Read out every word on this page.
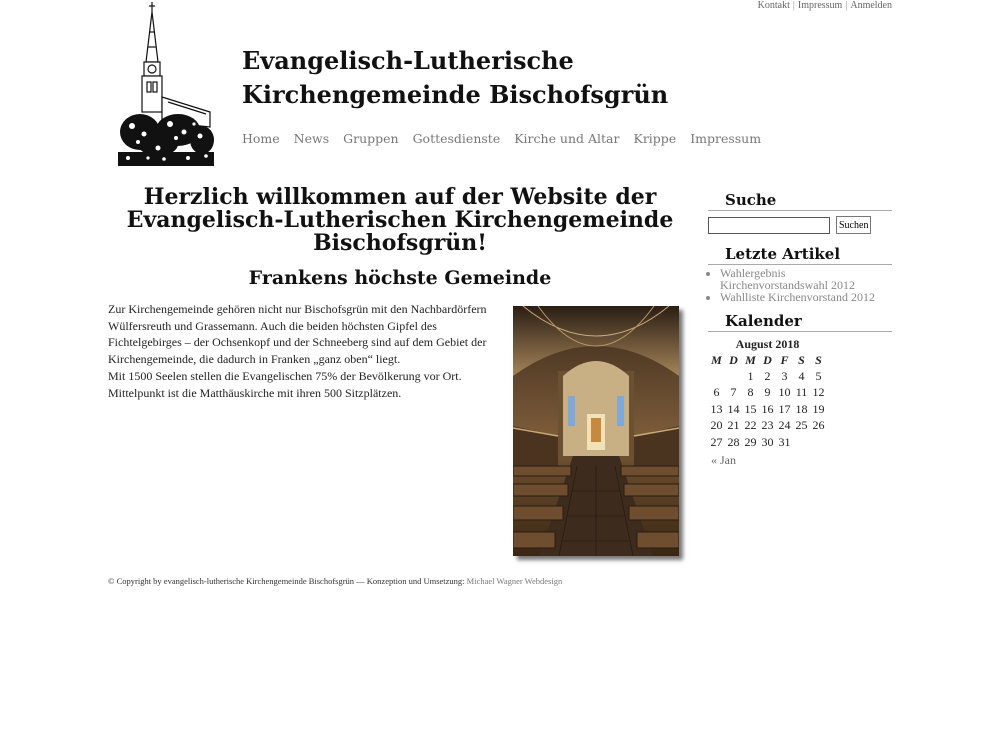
Kontakt | Impressum | Anmelden
Evangelisch-Lutherische Kirchengemeinde Bischofsgrün
Home News Gruppen Gottesdienste Kirche und Altar Krippe Impressum
Herzlich willkommen auf der Website der Evangelisch-Lutherischen Kirchengemeinde Bischofsgrün!
Frankens höchste Gemeinde
Zur Kirchengemeinde gehören nicht nur Bischofsgrün mit den Nachbardörfern Wülfersreuth und Grassemann. Auch die beiden höchsten Gipfel des Fichtelgebirges – der Ochsenkopf und der Schneeberg sind auf dem Gebiet der Kirchengemeinde, die dadurch in Franken „ganz oben“ liegt.
Mit 1500 Seelen stellen die Evangelischen 75% der Bevölkerung vor Ort.
Mittelpunkt ist die Matthäuskirche mit ihren 500 Sitzplätzen.
Suche
Suchen
Letzte Artikel
• Wahlergebnis Kirchenvorstandswahl 2012
• Wahlliste Kirchenvorstand 2012
Kalender
August 2018
M	D	M	D	F	S	S
		1	2	3	4	5
6	7	8	9	10	11	12
13	14	15	16	17	18	19
20	21	22	23	24	25	26
27	28	29	30	31		
« Jan
© Copyright by evangelisch-lutherische Kirchengemeinde Bischofsgrün — Konzeption und Umsetzung: Michael Wagner Webdesign
